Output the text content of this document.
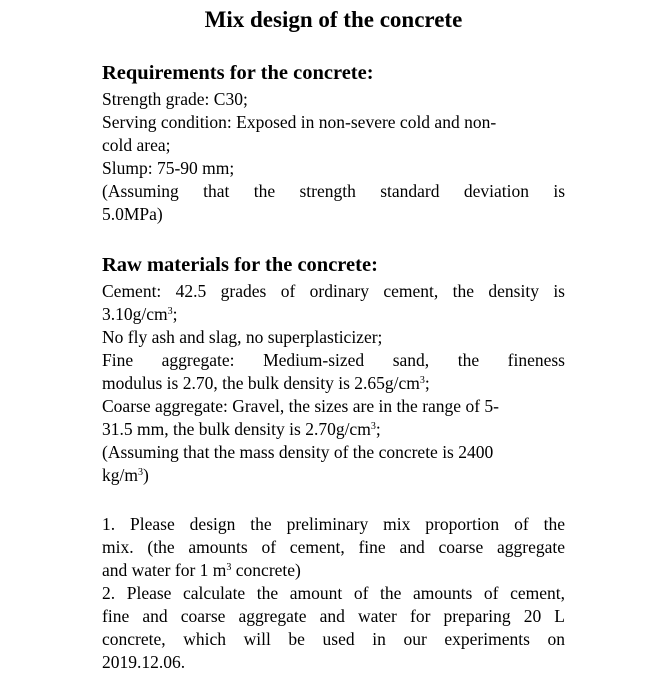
Mix design of the concrete
Requirements for the concrete:

Strength grade: C30;

Serving condition: Exposed in non-severe cold and non-

cold area;

Slump: 75-90 mm;

(Assuming that the strength standard deviation is

5.0MPa)

Raw materials for the concrete:

Cement: 42.5 grades of ordinary cement, the density is

$3.10g/cm^3$;

No fly ash and slag, no superplasticizer;

Fine aggregate: Medium-sized sand, the fineness

modulus is 2.70, the bulk density is $2.65g/cm^3$;

Coarse aggregate: Gravel, the sizes are in the range of 5-

31.5 mm, the bulk density is $2.70g/cm^3$;

(Assuming that the mass density of the concrete is 2400

$kg/m^3$)

1. Please design the preliminary mix proportion of the

mix. (the amounts of cement, fine and coarse aggregate

and water for 1 $m^3$ concrete)

2. Please calculate the amount of the amounts of cement,

fine and coarse aggregate and water for preparing 20 L

concrete, which will be used in our experiments on

2019.12.06.
